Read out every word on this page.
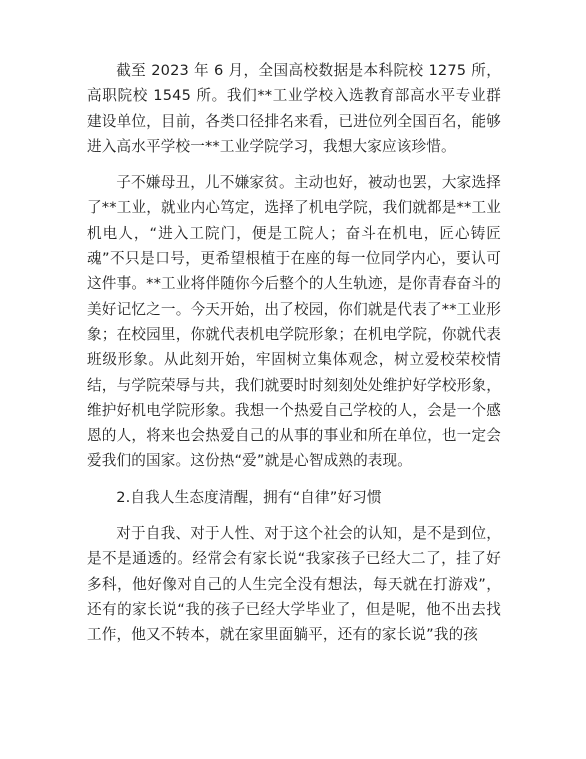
截至 2023 年 6 月，全国高校数据是本科院校 1275 所，高职院校 1545 所。我们**工业学校入选教育部高水平专业群建设单位，目前，各类口径排名来看，已进位列全国百名，能够进入高水平学校一**工业学院学习，我想大家应该珍惜。

子不嫌母丑，儿不嫌家贫。主动也好，被动也罢，大家选择了**工业，就业内心笃定，选择了机电学院，我们就都是**工业机电人，“进入工院门，便是工院人；奋斗在机电，匠心铸匠魂”不只是口号，更希望根植于在座的每一位同学内心，要认可这件事。**工业将伴随你今后整个的人生轨迹，是你青春奋斗的美好记忆之一。今天开始，出了校园，你们就是代表了**工业形象；在校园里，你就代表机电学院形象；在机电学院，你就代表班级形象。从此刻开始，牢固树立集体观念，树立爱校荣校情结，与学院荣辱与共，我们就要时时刻刻处处维护好学校形象，维护好机电学院形象。我想一个热爱自己学校的人，会是一个感恩的人，将来也会热爱自己的从事的事业和所在单位，也一定会爱我们的国家。这份热“爱”就是心智成熟的表现。

2.自我人生态度清醒，拥有“自律”好习惯

对于自我、对于人性、对于这个社会的认知，是不是到位，是不是通透的。经常会有家长说“我家孩子已经大二了，挂了好多科，他好像对自己的人生完全没有想法，每天就在打游戏”，还有的家长说“我的孩子已经大学毕业了，但是呢，他不出去找工作，他又不转本，就在家里面躺平，还有的家长说”我的孩
